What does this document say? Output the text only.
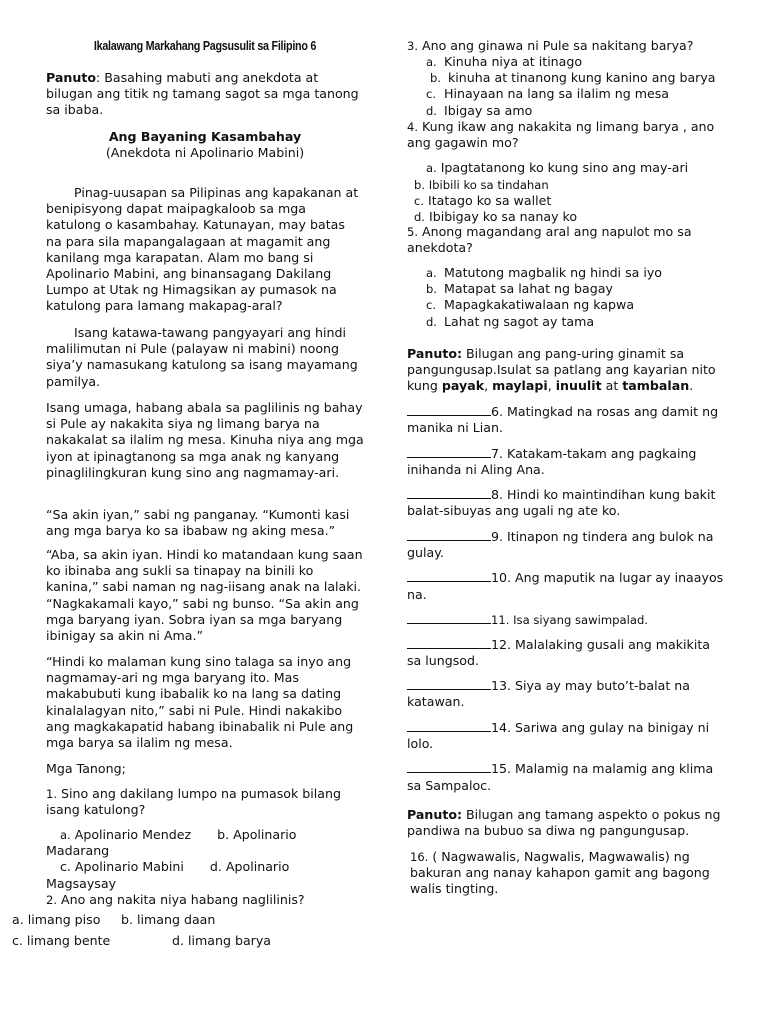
Ikalawang Markahang Pagsusulit sa Filipino 6

Panuto: Basahing mabuti ang anekdota at bilugan ang titik ng tamang sagot sa mga tanong sa ibaba.

Ang Bayaning Kasambahay
(Anekdota ni Apolinario Mabini)

Pinag-uusapan sa Pilipinas ang kapakanan at benipisyong dapat maipagkaloob sa mga katulong o kasambahay. Katunayan, may batas na para sila mapangalagaan at magamit ang kanilang mga karapatan. Alam mo bang si Apolinario Mabini, ang binansagang Dakilang Lumpo at Utak ng Himagsikan ay pumasok na katulong para lamang makapag-aral?

Isang katawa-tawang pangyayari ang hindi malilimutan ni Pule (palayaw ni mabini) noong siya’y namasukang katulong sa isang mayamang pamilya.

Isang umaga, habang abala sa paglilinis ng bahay si Pule ay nakakita siya ng limang barya na nakakalat sa ilalim ng mesa. Kinuha niya ang mga iyon at ipinagtanong sa mga anak ng kanyang pinaglilingkuran kung sino ang nagmamay-ari.

“Sa akin iyan,” sabi ng panganay. “Kumonti kasi ang mga barya ko sa ibabaw ng aking mesa.”

“Aba, sa akin iyan. Hindi ko matandaan kung saan ko ibinaba ang sukli sa tinapay na binili ko kanina,” sabi naman ng nag-iisang anak na lalaki. “Nagkakamali kayo,” sabi ng bunso. “Sa akin ang mga baryang iyan. Sobra iyan sa mga baryang ibinigay sa akin ni Ama.”

“Hindi ko malaman kung sino talaga sa inyo ang nagmamay-ari ng mga baryang ito. Mas makabubuti kung ibabalik ko na lang sa dating kinalalagyan nito,” sabi ni Pule. Hindi nakakibo ang magkakapatid habang ibinabalik ni Pule ang mga barya sa ilalim ng mesa.

Mga Tanong;

1. Sino ang dakilang lumpo na pumasok bilang isang katulong?

a. Apolinario Mendez b. Apolinario
Madarang
c. Apolinario Mabini d. Apolinario
Magsaysay

2. Ano ang nakita niya habang naglilinis?

a. limang piso b. limang daan
c. limang bente	d. limang barya

3. Ano ang ginawa ni Pule sa nakitang barya?

a. Kinuha niya at itinago
b. kinuha at tinanong kung kanino ang barya
c. Hinayaan na lang sa ilalim ng mesa
d. Ibigay sa amo

4. Kung ikaw ang nakakita ng limang barya , ano ang gagawin mo?

a. Ipagtatanong ko kung sino ang may-ari
b. Ibibili ko sa tindahan
c. Itatago ko sa wallet
d. Ibibigay ko sa nanay ko

5. Anong magandang aral ang napulot mo sa anekdota?

a. Matutong magbalik ng hindi sa iyo
b. Matapat sa lahat ng bagay
c. Mapagkakatiwalaan ng kapwa
d. Lahat ng sagot ay tama

Panuto: Bilugan ang pang-uring ginamit sa pangungusap.Isulat sa patlang ang kayarian nito kung payak, maylapi, inuulit at tambalan.

6. Matingkad na rosas ang damit ng manika ni Lian.

7. Katakam-takam ang pagkaing inihanda ni Aling Ana.

8. Hindi ko maintindihan kung bakit balat-sibuyas ang ugali ng ate ko.

9. Itinapon ng tindera ang bulok na gulay.

10. Ang maputik na lugar ay inaayos na.

11. Isa siyang sawimpalad.

12. Malalaking gusali ang makikita sa lungsod.

13. Siya ay may buto’t-balat na katawan.

14. Sariwa ang gulay na binigay ni lolo.

15. Malamig na malamig ang klima sa Sampaloc.

Panuto: Bilugan ang tamang aspekto o pokus ng pandiwa na bubuo sa diwa ng pangungusap.

16. ( Nagwawalis, Nagwalis, Magwawalis) ng bakuran ang nanay kahapon gamit ang bagong walis tingting.
